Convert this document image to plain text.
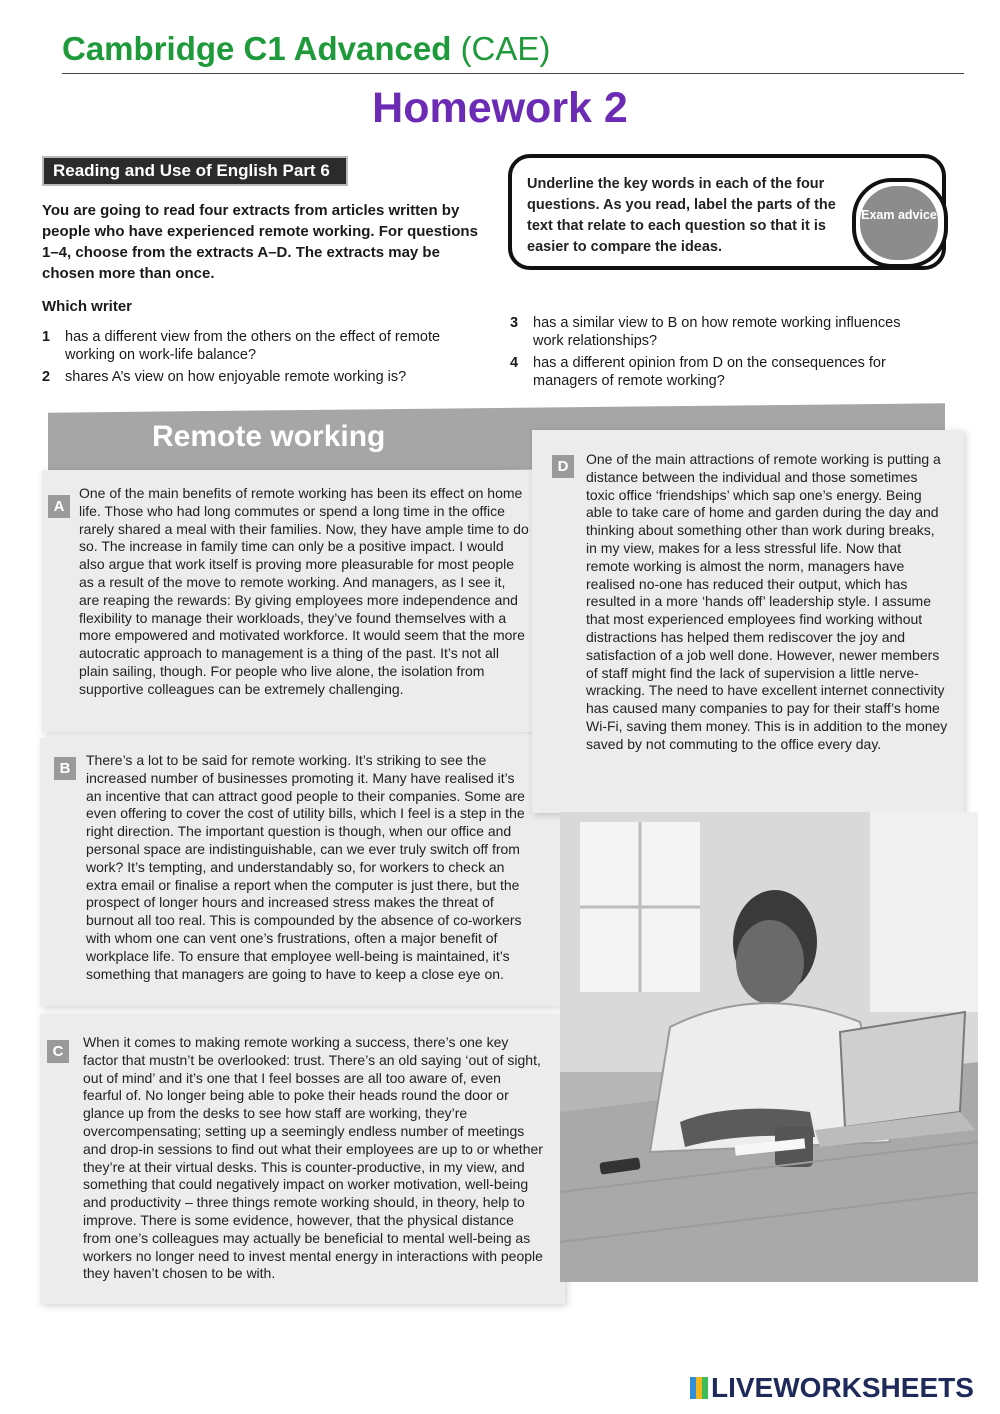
Cambridge C1 Advanced (CAE)
Homework 2
Reading and Use of English Part 6
You are going to read four extracts from articles written by people who have experienced remote working. For questions 1–4, choose from the extracts A–D. The extracts may be chosen more than once.
Which writer
1	has a different view from the others on the effect of remote working on work-life balance?
2	shares A’s view on how enjoyable remote working is?
3	has a similar view to B on how remote working influences work relationships?
4	has a different opinion from D on the consequences for managers of remote working?
Underline the key words in each of the four questions. As you read, label the parts of the text that relate to each question so that it is easier to compare the ideas.
Exam advice
Remote working
A
One of the main benefits of remote working has been its effect on home life. Those who had long commutes or spend a long time in the office rarely shared a meal with their families. Now, they have ample time to do so. The increase in family time can only be a positive impact. I would also argue that work itself is proving more pleasurable for most people as a result of the move to remote working. And managers, as I see it, are reaping the rewards: By giving employees more independence and flexibility to manage their workloads, they’ve found themselves with a more empowered and motivated workforce. It would seem that the more autocratic approach to management is a thing of the past. It’s not all plain sailing, though. For people who live alone, the isolation from supportive colleagues can be extremely challenging.
B	There’s a lot to be said for remote working. It’s striking to see the increased number of businesses promoting it. Many have realised it’s an incentive that can attract good people to their companies. Some are even offering to cover the cost of utility bills, which I feel is a step in the right direction. The important question is though, when our office and personal space are indistinguishable, can we ever truly switch off from work? It’s tempting, and understandably so, for workers to check an extra email or finalise a report when the computer is just there, but the prospect of longer hours and increased stress makes the threat of burnout all too real. This is compounded by the absence of co-workers with whom one can vent one’s frustrations, often a major benefit of workplace life. To ensure that employee well-being is maintained, it’s something that managers are going to have to keep a close eye on.
C
When it comes to making remote working a success, there’s one key factor that mustn’t be overlooked: trust. There’s an old saying ‘out of sight, out of mind’ and it’s one that I feel bosses are all too aware of, even fearful of. No longer being able to poke their heads round the door or glance up from the desks to see how staff are working, they’re overcompensating; setting up a seemingly endless number of meetings and drop-in sessions to find out what their employees are up to or whether they’re at their virtual desks. This is counter-productive, in my view, and something that could negatively impact on worker motivation, well-being and productivity – three things remote working should, in theory, help to improve. There is some evidence, however, that the physical distance from one’s colleagues may actually be beneficial to mental well-being as workers no longer need to invest mental energy in interactions with people they haven’t chosen to be with.
D	One of the main attractions of remote working is putting a distance between the individual and those sometimes toxic office ‘friendships’ which sap one’s energy. Being able to take care of home and garden during the day and thinking about something other than work during breaks, in my view, makes for a less stressful life. Now that remote working is almost the norm, managers have realised no-one has reduced their output, which has resulted in a more ‘hands off’ leadership style. I assume that most experienced employees find working without distractions has helped them rediscover the joy and satisfaction of a job well done. However, newer members of staff might find the lack of supervision a little nerve-wracking. The need to have excellent internet connectivity has caused many companies to pay for their staff’s home Wi-Fi, saving them money. This is in addition to the money saved by not commuting to the office every day.
LIVEWORKSHEETS
